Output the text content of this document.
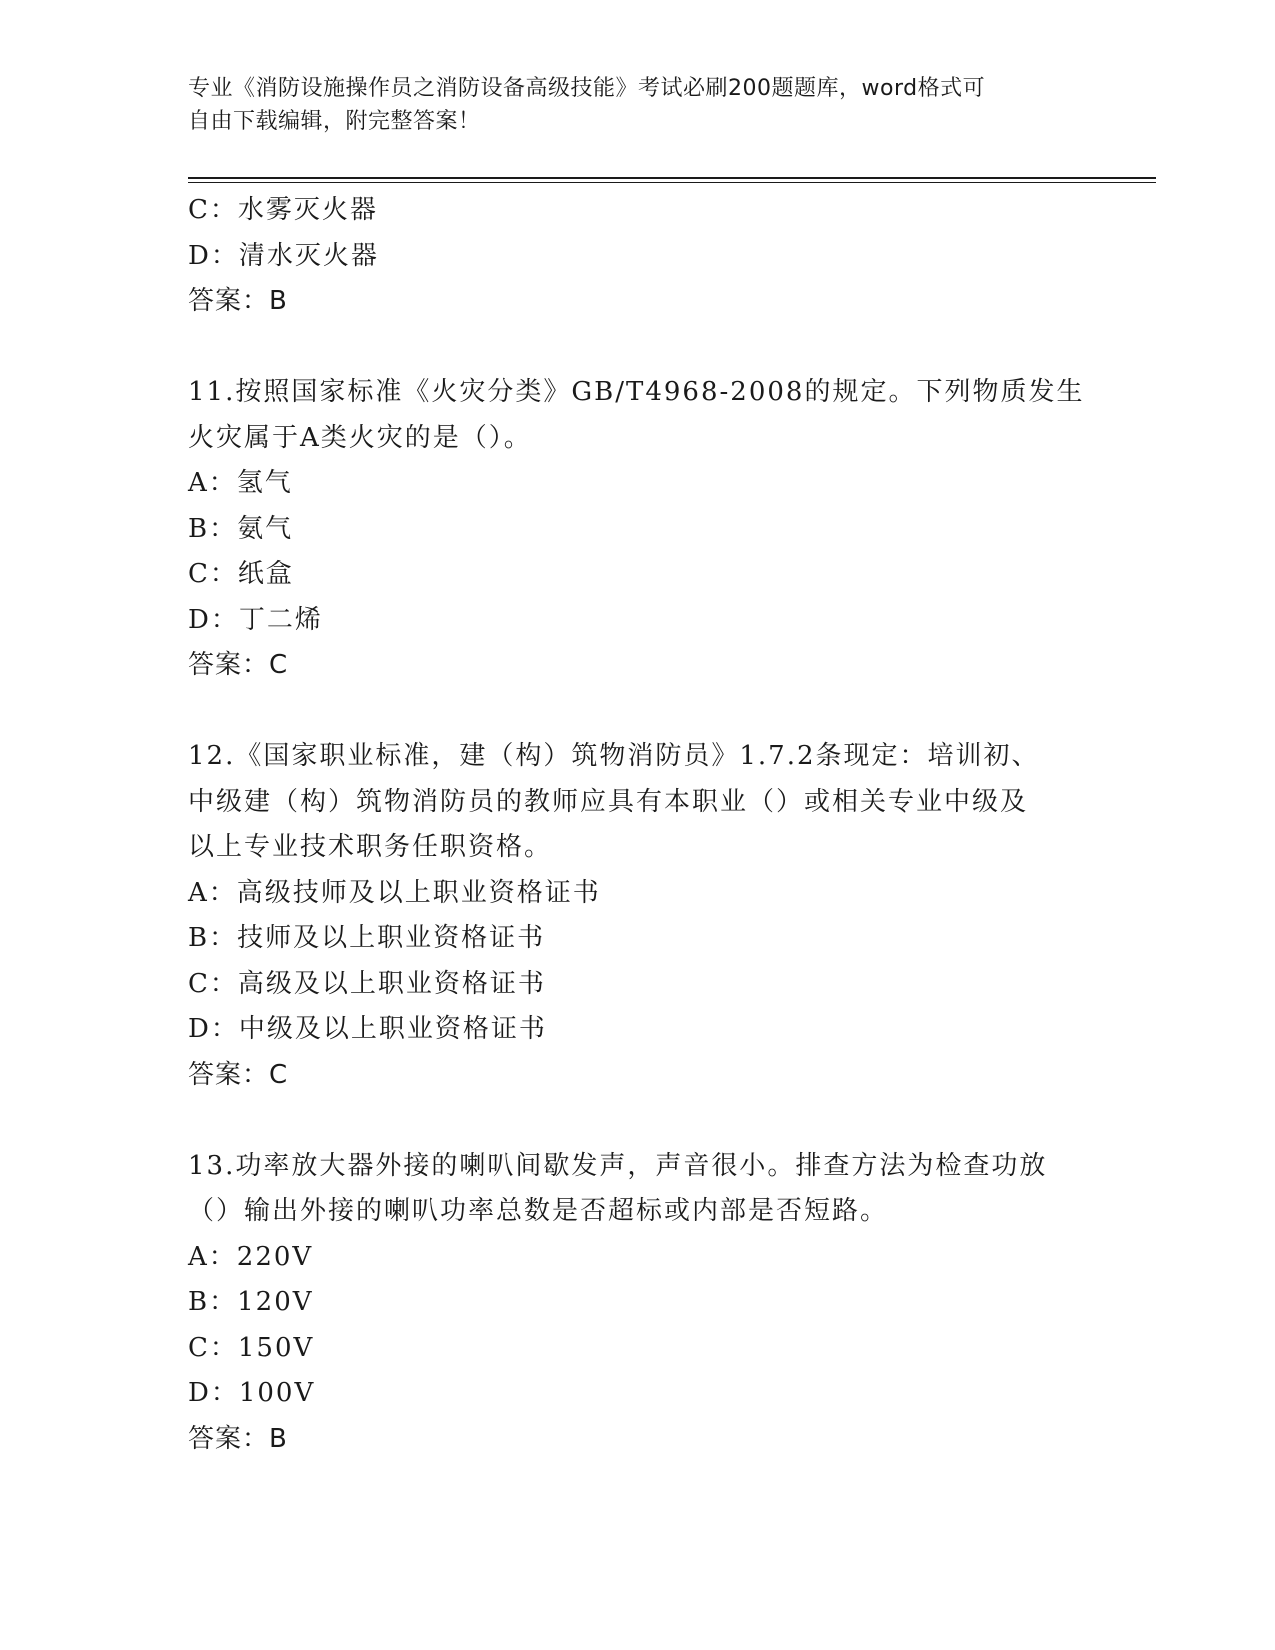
专业《消防设施操作员之消防设备高级技能》考试必刷200题题库，word格式可
自由下载编辑，附完整答案！
C：水雾灭火器
D：清水灭火器
答案：B
11.按照国家标准《火灾分类》GB/T4968-2008的规定。下列物质发生
火灾属于A类火灾的是（）。
A：氢气
B：氨气
C：纸盒
D：丁二烯
答案：C
12.《国家职业标准，建（构）筑物消防员》1.7.2条现定：培训初、
中级建（构）筑物消防员的教师应具有本职业（）或相关专业中级及
以上专业技术职务任职资格。
A：高级技师及以上职业资格证书
B：技师及以上职业资格证书
C：高级及以上职业资格证书
D：中级及以上职业资格证书
答案：C
13.功率放大器外接的喇叭间歇发声，声音很小。排查方法为检查功放
（）输出外接的喇叭功率总数是否超标或内部是否短路。
A：220V
B：120V
C：150V
D：100V
答案：B
